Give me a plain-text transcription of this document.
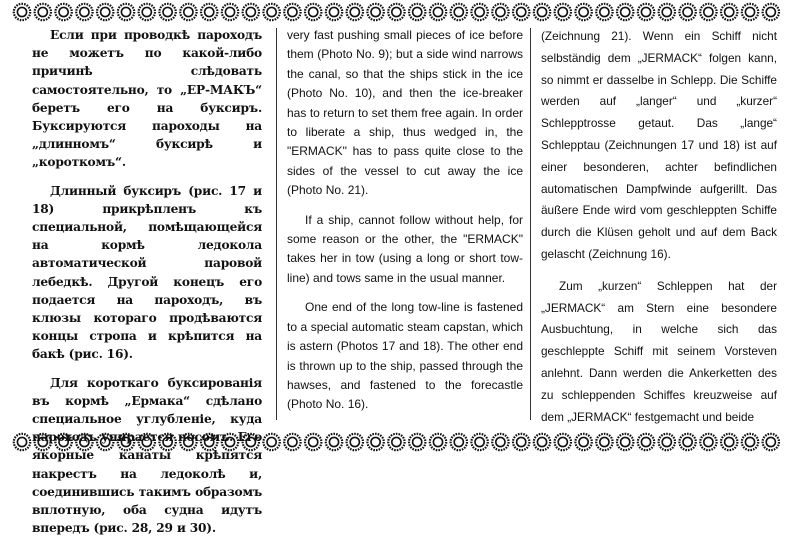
Если при проводкѣ пароходъ не можетъ по какой-либо причинѣ слѣдовать самостоятельно, то „ЕР-МАКЪ“ беретъ его на буксиръ. Буксируются пароходы на „длинномъ“ буксирѣ и „короткомъ“.

Длинный буксиръ (рис. 17 и 18) прикрѣпленъ къ специальной, помѣщающейся на кормѣ ледокола автоматической паровой лебедкѣ. Другой конецъ его подается на пароходъ, въ клюзы котораго продѣваются концы стропа и крѣпится на бакѣ (рис. 16).

Для короткаго буксированія въ кормѣ „Ермака“ сдѣлано специальное углубленіе, куда пароходъ упирается носомъ. Его якорные канаты крѣпятся накрестъ на ледоколѣ и, соединившись такимъ образомъ вплотную, оба судна идутъ впередъ (рис. 28, 29 и 30).

very fast pushing small pieces of ice before them (Photo No. 9); but a side wind narrows the canal, so that the ships stick in the ice (Photo No. 10), and then the ice-breaker has to return to set them free again. In order to liberate a ship, thus wedged in, the "ERMACK" has to pass quite close to the sides of the vessel to cut away the ice (Photo No. 21).

If a ship, cannot follow without help, for some reason or the other, the "ERMACK" takes her in tow (using a long or short tow-line) and tows same in the usual manner.

One end of the long tow-line is fastened to a special automatic steam capstan, which is astern (Photos 17 and 18). The other end is thrown up to the ship, passed through the hawses, and fastened to the forecastle (Photo No. 16).

(Zeichnung 21). Wenn ein Schiff nicht selbständig dem „JERMACK“ folgen kann, so nimmt er dasselbe in Schlepp. Die Schiffe werden auf „langer“ und „kurzer“ Schlepptrosse getaut. Das „lange“ Schlepptau (Zeichnungen 17 und 18) ist auf einer besonderen, achter befindlichen automatischen Dampfwinde aufgerillt. Das äußere Ende wird vom geschleppten Schiffe durch die Klüsen geholt und auf dem Back gelascht (Zeichnung 16).

Zum „kurzen“ Schleppen hat der „JERMACK“ am Stern eine besondere Ausbuchtung, in welche sich das geschleppte Schiff mit seinem Vorsteven anlehnt. Dann werden die Ankerketten des zu schleppenden Schiffes kreuzweise auf dem „JERMACK“ festgemacht und beide
